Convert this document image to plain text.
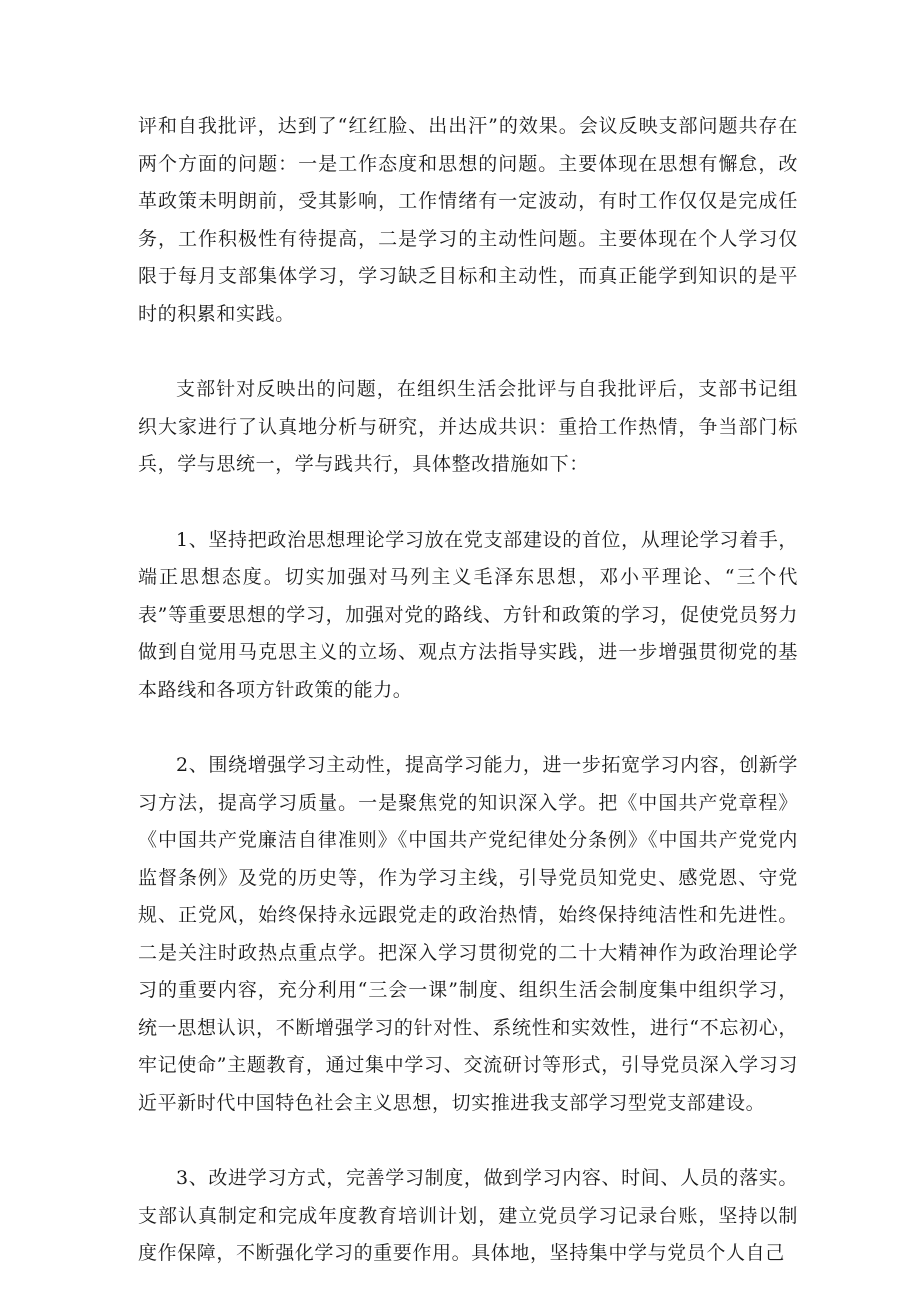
评和自我批评，达到了“红红脸、出出汗”的效果。会议反映支部问题共存在两个方面的问题：一是工作态度和思想的问题。主要体现在思想有懈怠，改革政策未明朗前，受其影响，工作情绪有一定波动，有时工作仅仅是完成任务，工作积极性有待提高，二是学习的主动性问题。主要体现在个人学习仅限于每月支部集体学习，学习缺乏目标和主动性，而真正能学到知识的是平时的积累和实践。

支部针对反映出的问题，在组织生活会批评与自我批评后，支部书记组织大家进行了认真地分析与研究，并达成共识：重拾工作热情，争当部门标兵，学与思统一，学与践共行，具体整改措施如下：

1、坚持把政治思想理论学习放在党支部建设的首位，从理论学习着手，端正思想态度。切实加强对马列主义毛泽东思想，邓小平理论、“三个代表”等重要思想的学习，加强对党的路线、方针和政策的学习，促使党员努力做到自觉用马克思主义的立场、观点方法指导实践，进一步增强贯彻党的基本路线和各项方针政策的能力。

2、围绕增强学习主动性，提高学习能力，进一步拓宽学习内容，创新学习方法，提高学习质量。一是聚焦党的知识深入学。把《中国共产党章程》《中国共产党廉洁自律准则》《中国共产党纪律处分条例》《中国共产党党内监督条例》及党的历史等，作为学习主线，引导党员知党史、感党恩、守党规、正党风，始终保持永远跟党走的政治热情，始终保持纯洁性和先进性。二是关注时政热点重点学。把深入学习贯彻党的二十大精神作为政治理论学习的重要内容，充分利用“三会一课”制度、组织生活会制度集中组织学习，统一思想认识，不断增强学习的针对性、系统性和实效性，进行“不忘初心，牢记使命”主题教育，通过集中学习、交流研讨等形式，引导党员深入学习习近平新时代中国特色社会主义思想，切实推进我支部学习型党支部建设。

3、改进学习方式，完善学习制度，做到学习内容、时间、人员的落实。支部认真制定和完成年度教育培训计划，建立党员学习记录台账，坚持以制度作保障，不断强化学习的重要作用。具体地，坚持集中学与党员个人自己
